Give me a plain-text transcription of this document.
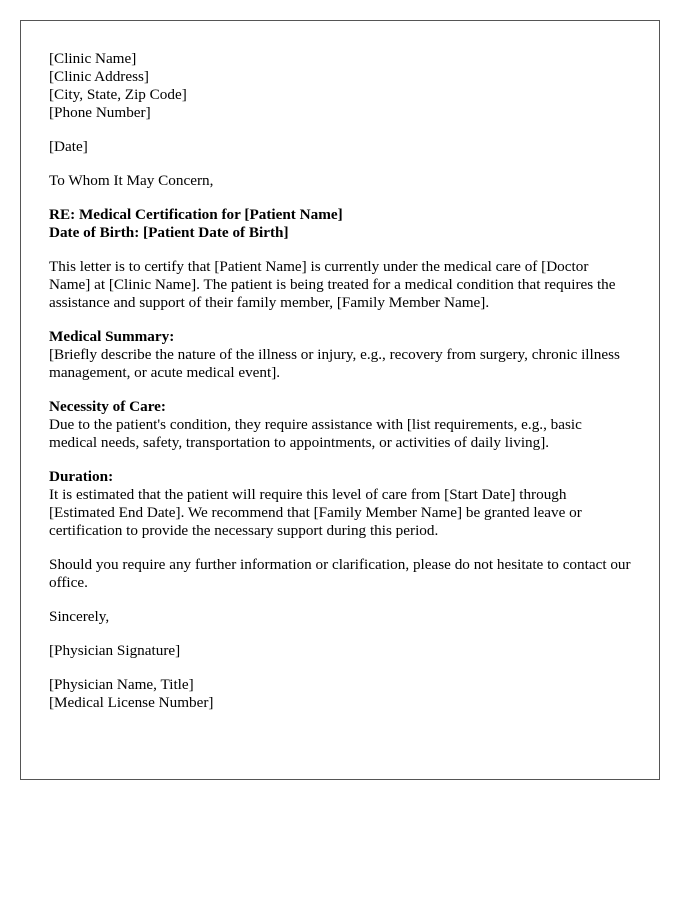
[Clinic Name]
[Clinic Address]
[City, State, Zip Code]
[Phone Number]
[Date]
To Whom It May Concern,
RE: Medical Certification for [Patient Name]
Date of Birth: [Patient Date of Birth]
This letter is to certify that [Patient Name] is currently under the medical care of [Doctor Name] at [Clinic Name]. The patient is being treated for a medical condition that requires the assistance and support of their family member, [Family Member Name].
Medical Summary:
[Briefly describe the nature of the illness or injury, e.g., recovery from surgery, chronic illness management, or acute medical event].
Necessity of Care:
Due to the patient's condition, they require assistance with [list requirements, e.g., basic medical needs, safety, transportation to appointments, or activities of daily living].
Duration:
It is estimated that the patient will require this level of care from [Start Date] through [Estimated End Date]. We recommend that [Family Member Name] be granted leave or certification to provide the necessary support during this period.
Should you require any further information or clarification, please do not hesitate to contact our office.
Sincerely,
[Physician Signature]
[Physician Name, Title]
[Medical License Number]
